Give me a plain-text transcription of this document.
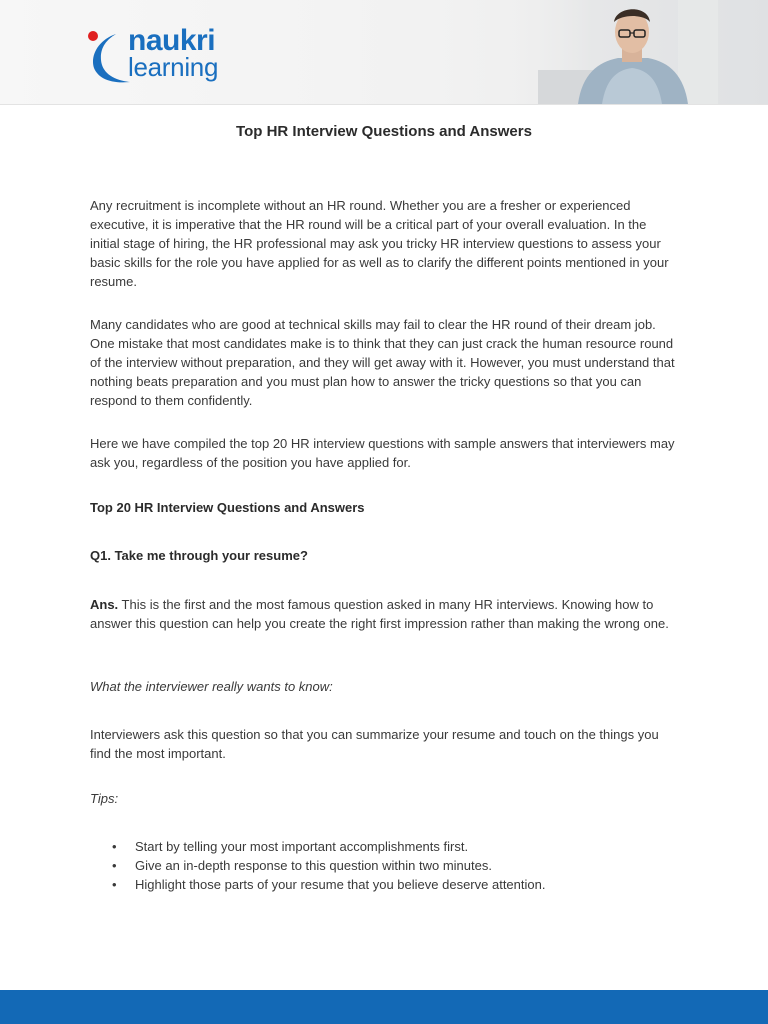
naukri
learning
Top HR Interview Questions and Answers

Any recruitment is incomplete without an HR round. Whether you are a fresher or experienced executive, it is imperative that the HR round will be a critical part of your overall evaluation. In the initial stage of hiring, the HR professional may ask you tricky HR interview questions to assess your basic skills for the role you have applied for as well as to clarify the different points mentioned in your resume.

Many candidates who are good at technical skills may fail to clear the HR round of their dream job. One mistake that most candidates make is to think that they can just crack the human resource round of the interview without preparation, and they will get away with it. However, you must understand that nothing beats preparation and you must plan how to answer the tricky questions so that you can respond to them confidently.

Here we have compiled the top 20 HR interview questions with sample answers that interviewers may ask you, regardless of the position you have applied for.

Top 20 HR Interview Questions and Answers

Q1. Take me through your resume?

Ans. This is the first and the most famous question asked in many HR interviews. Knowing how to answer this question can help you create the right first impression rather than making the wrong one.

What the interviewer really wants to know:

Interviewers ask this question so that you can summarize your resume and touch on the things you find the most important.

Tips:

• Start by telling your most important accomplishments first.
• Give an in-depth response to this question within two minutes.
• Highlight those parts of your resume that you believe deserve attention.
